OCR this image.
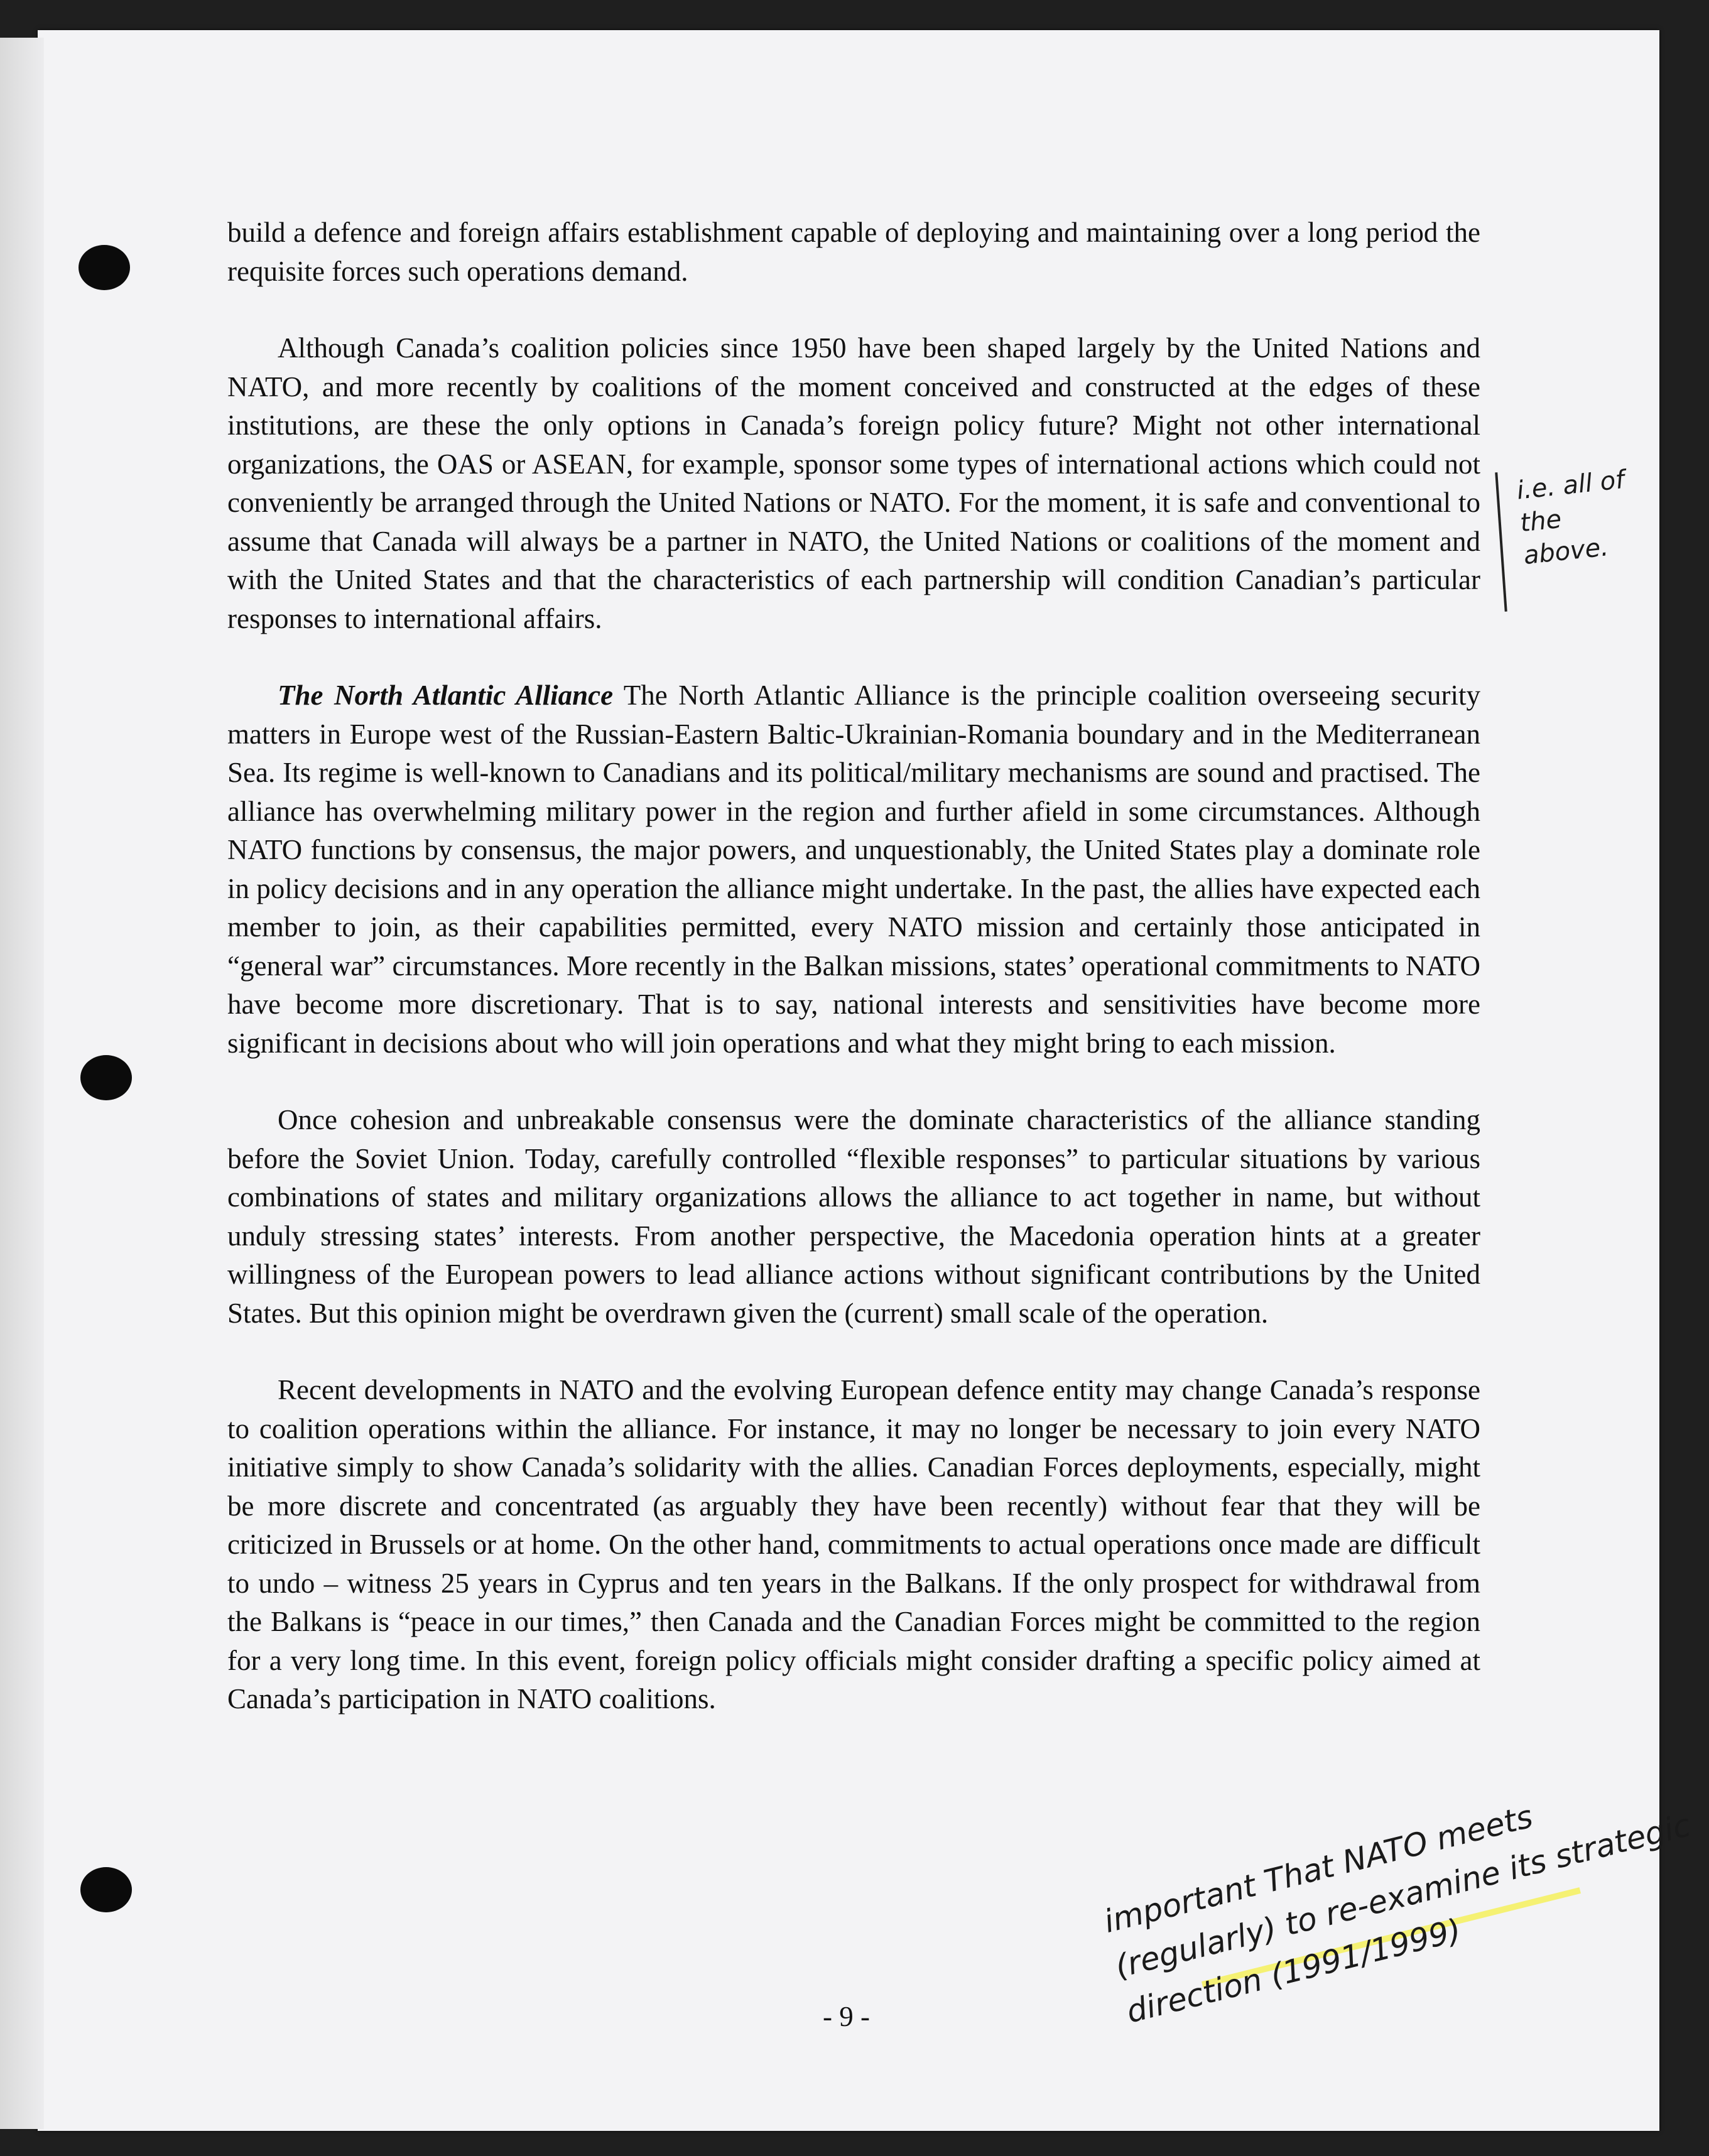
build a defence and foreign affairs establishment capable of deploying and maintaining over a long period the requisite forces such operations demand.

Although Canada’s coalition policies since 1950 have been shaped largely by the United Nations and NATO, and more recently by coalitions of the moment conceived and constructed at the edges of these institutions, are these the only options in Canada’s foreign policy future? Might not other international organizations, the OAS or ASEAN, for example, sponsor some types of international actions which could not conveniently be arranged through the United Nations or NATO. For the moment, it is safe and conventional to assume that Canada will always be a partner in NATO, the United Nations or coalitions of the moment and with the United States and that the characteristics of each partnership will condition Canadian’s particular responses to international affairs.

The North Atlantic Alliance The North Atlantic Alliance is the principle coalition overseeing security matters in Europe west of the Russian-Eastern Baltic-Ukrainian-Romania boundary and in the Mediterranean Sea. Its regime is well-known to Canadians and its political/military mechanisms are sound and practised. The alliance has overwhelming military power in the region and further afield in some circumstances. Although NATO functions by consensus, the major powers, and unquestionably, the United States play a dominate role in policy decisions and in any operation the alliance might undertake. In the past, the allies have expected each member to join, as their capabilities permitted, every NATO mission and certainly those anticipated in “general war” circumstances. More recently in the Balkan missions, states’ operational commitments to NATO have become more discretionary. That is to say, national interests and sensitivities have become more significant in decisions about who will join operations and what they might bring to each mission.

Once cohesion and unbreakable consensus were the dominate characteristics of the alliance standing before the Soviet Union. Today, carefully controlled “flexible responses” to particular situations by various combinations of states and military organizations allows the alliance to act together in name, but without unduly stressing states’ interests. From another perspective, the Macedonia operation hints at a greater willingness of the European powers to lead alliance actions without significant contributions by the United States. But this opinion might be overdrawn given the (current) small scale of the operation.

Recent developments in NATO and the evolving European defence entity may change Canada’s response to coalition operations within the alliance. For instance, it may no longer be necessary to join every NATO initiative simply to show Canada’s solidarity with the allies. Canadian Forces deployments, especially, might be more discrete and concentrated (as arguably they have been recently) without fear that they will be criticized in Brussels or at home. On the other hand, commitments to actual operations once made are difficult to undo – witness 25 years in Cyprus and ten years in the Balkans. If the only prospect for withdrawal from the Balkans is “peace in our times,” then Canada and the Canadian Forces might be committed to the region for a very long time. In this event, foreign policy officials might consider drafting a specific policy aimed at Canada’s participation in NATO coalitions.

- 9 -
i.e. all of the above.
important That NATO meets (regularly) to re-examine its strategic direction (1991/1999)
